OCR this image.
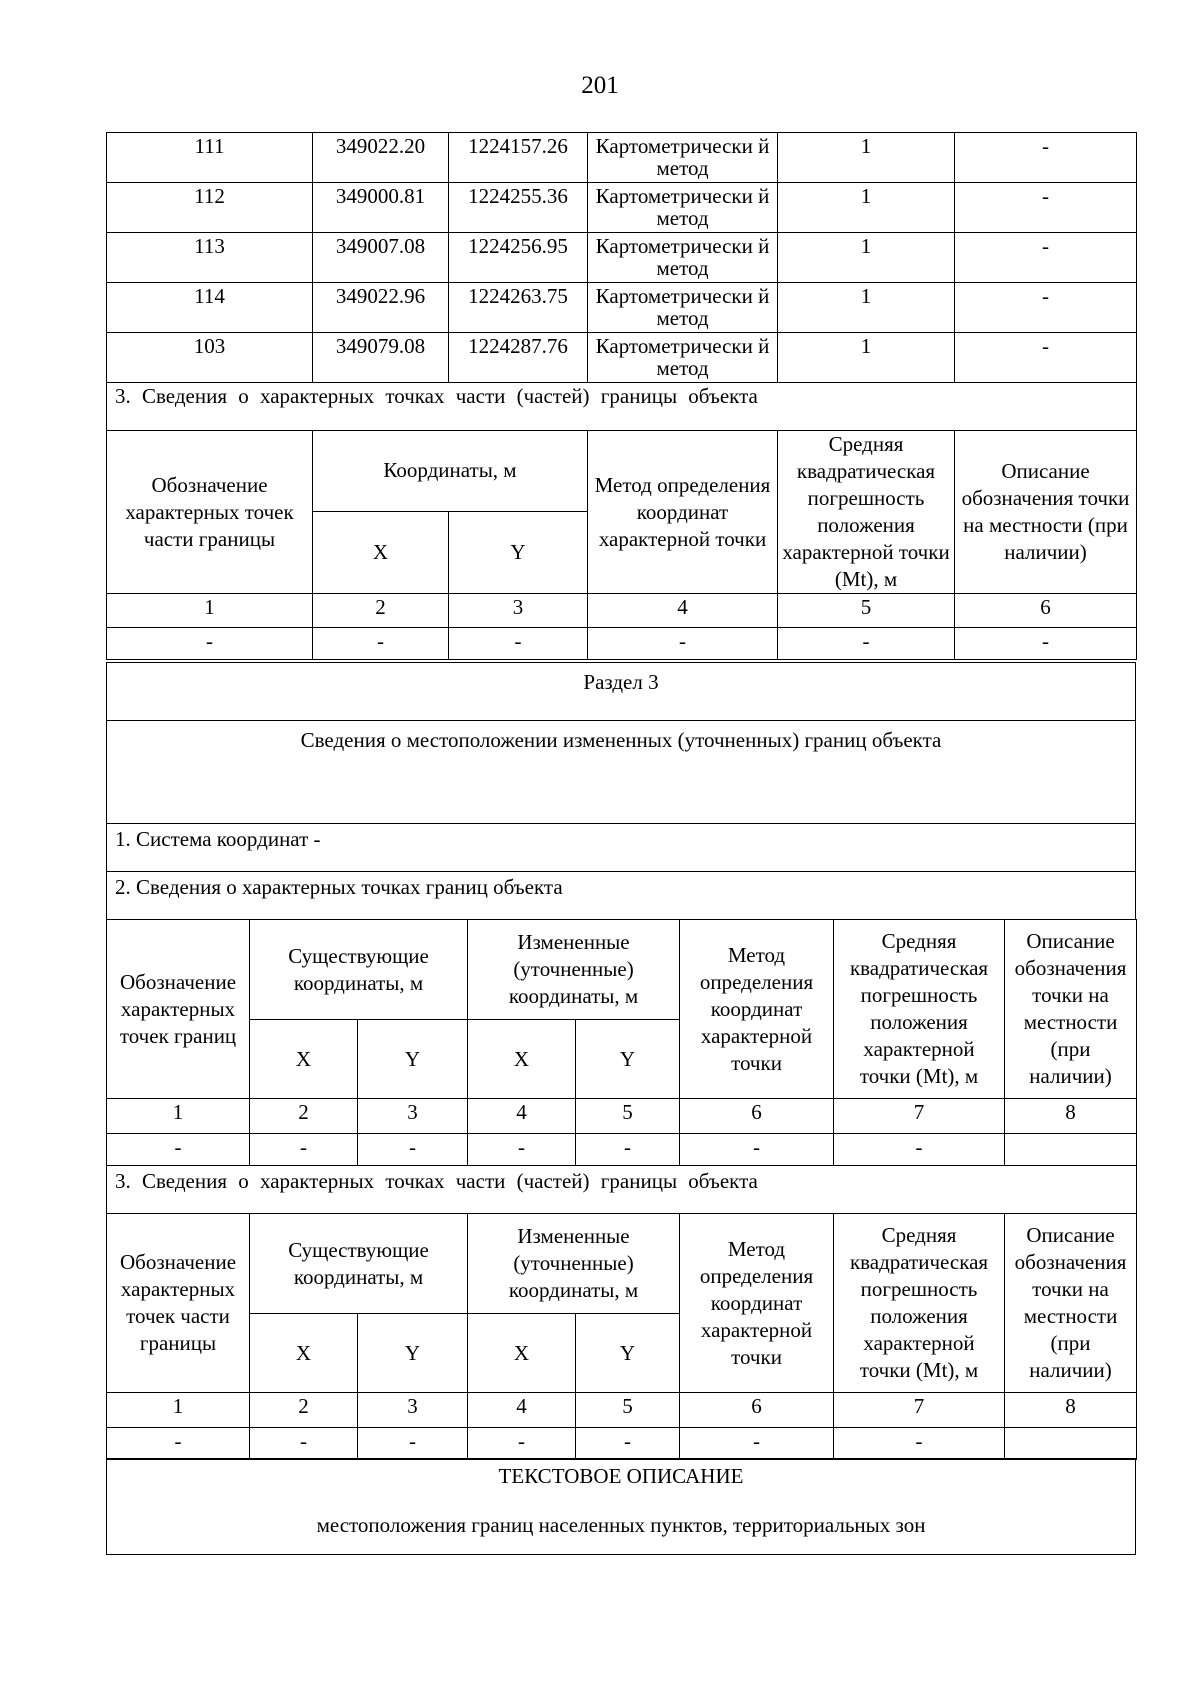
201
111	349022.20	1224157.26	Картометрически й метод	1	-
112	349000.81	1224255.36	Картометрически й метод	1	-
113	349007.08	1224256.95	Картометрически й метод	1	-
114	349022.96	1224263.75	Картометрически й метод	1	-
103	349079.08	1224287.76	Картометрически й метод	1	-
3. Сведения о характерных точках части (частей) границы объекта					
Обозначение характерных точек части границы	Координаты, м		Метод определения координат характерной точки	Средняя квадратическая погрешность положения характерной точки (Mt), м	Описание обозначения точки на местности (при наличии)
	X	Y			
1	2	3	4	5	6
-	-	-	-	-	-
Раздел 3
Сведения о местоположении измененных (уточненных) границ объекта
1. Система координат -
2. Сведения о характерных точках границ объекта
Обозначение характерных точек границ	Существующие координаты, м		Измененные (уточненные) координаты, м		Метод определения координат характерной точки	Средняя квадратическая погрешность положения характерной точки (Mt), м	Описание обозначения точки на местности (при наличии)
	X	Y	X	Y			
1	2	3	4	5	6	7	8
-	-	-	-	-	-	-	
3. Сведения о характерных точках части (частей) границы объекта							
Обозначение характерных точек части границы	Существующие координаты, м		Измененные (уточненные) координаты, м		Метод определения координат характерной точки	Средняя квадратическая погрешность положения характерной точки (Mt), м	Описание обозначения точки на местности (при наличии)
	X	Y	X	Y			
1	2	3	4	5	6	7	8
-	-	-	-	-	-	-	
ТЕКСТОВОЕ ОПИСАНИЕ
местоположения границ населенных пунктов, территориальных зон
